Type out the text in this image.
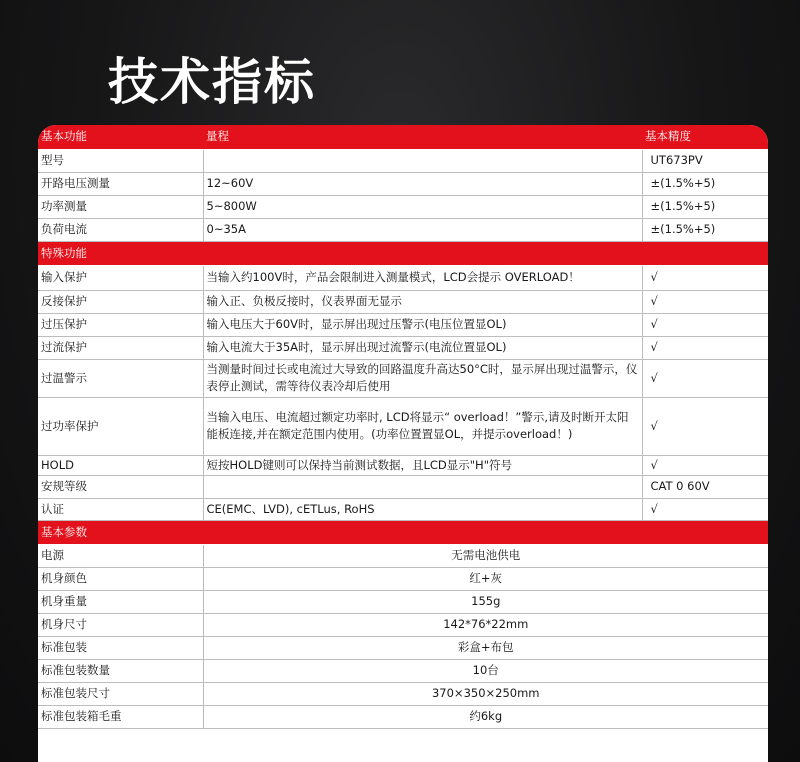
技术指标
基本功能	量程	基本精度
型号		UT673PV
开路电压测量	12~60V	±(1.5%+5)
功率测量	5~800W	±(1.5%+5)
负荷电流	0~35A	±(1.5%+5)
特殊功能		
输入保护	当输入约100V时，产品会限制进入测量模式，LCD会提示 OVERLOAD！	√
反接保护	输入正、负极反接时，仪表界面无显示	√
过压保护	输入电压大于60V时，显示屏出现过压警示(电压位置显OL)	√
过流保护	输入电流大于35A时，显示屏出现过流警示(电流位置显OL)	√
过温警示	当测量时间过长或电流过大导致的回路温度升高达50°C时，显示屏出现过温警示，仪表停止测试，需等待仪表冷却后使用	√
过功率保护	当输入电压、电流超过额定功率时, LCD将显示“ overload！”警示,请及时断开太阳能板连接,并在额定范围内使用。(功率位置置显OL，并提示overload！)	√
HOLD	短按HOLD键则可以保持当前测试数据，且LCD显示"H"符号	√
安规等级		CAT 0 60V
认证	CE(EMC、LVD), cETLus, RoHS	√
基本参数		
电源	无需电池供电	
机身颜色	红+灰	
机身重量	155g	
机身尺寸	142*76*22mm	
标准包装	彩盒+布包	
标准包装数量	10台	
标准包装尺寸	370×350×250mm	
标准包装箱毛重	约6kg	
